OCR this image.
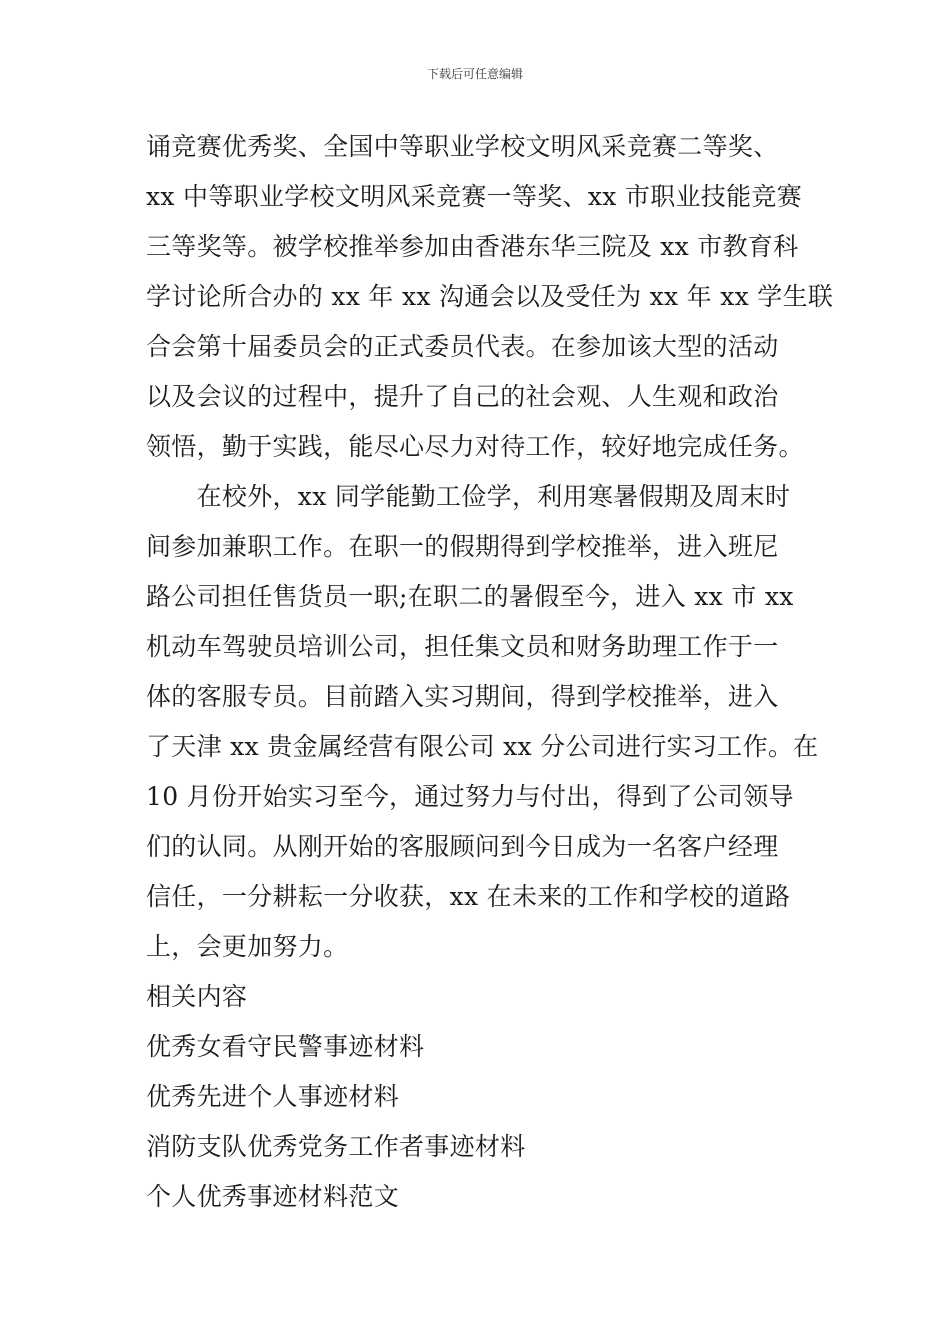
下载后可任意编辑
诵竞赛优秀奖、全国中等职业学校文明风采竞赛二等奖、
xx 中等职业学校文明风采竞赛一等奖、xx 市职业技能竞赛
三等奖等。被学校推举参加由香港东华三院及 xx 市教育科
学讨论所合办的 xx 年 xx 沟通会以及受任为 xx 年 xx 学生联
合会第十届委员会的正式委员代表。在参加该大型的活动
以及会议的过程中，提升了自己的社会观、人生观和政治
领悟，勤于实践，能尽心尽力对待工作，较好地完成任务。
　　在校外，xx 同学能勤工俭学，利用寒暑假期及周末时
间参加兼职工作。在职一的假期得到学校推举，进入班尼
路公司担任售货员一职;在职二的暑假至今，进入 xx 市 xx
机动车驾驶员培训公司，担任集文员和财务助理工作于一
体的客服专员。目前踏入实习期间，得到学校推举，进入
了天津 xx 贵金属经营有限公司 xx 分公司进行实习工作。在
10 月份开始实习至今，通过努力与付出，得到了公司领导
们的认同。从刚开始的客服顾问到今日成为一名客户经理
信任，一分耕耘一分收获，xx 在未来的工作和学校的道路
上，会更加努力。
相关内容
优秀女看守民警事迹材料
优秀先进个人事迹材料
消防支队优秀党务工作者事迹材料
个人优秀事迹材料范文
